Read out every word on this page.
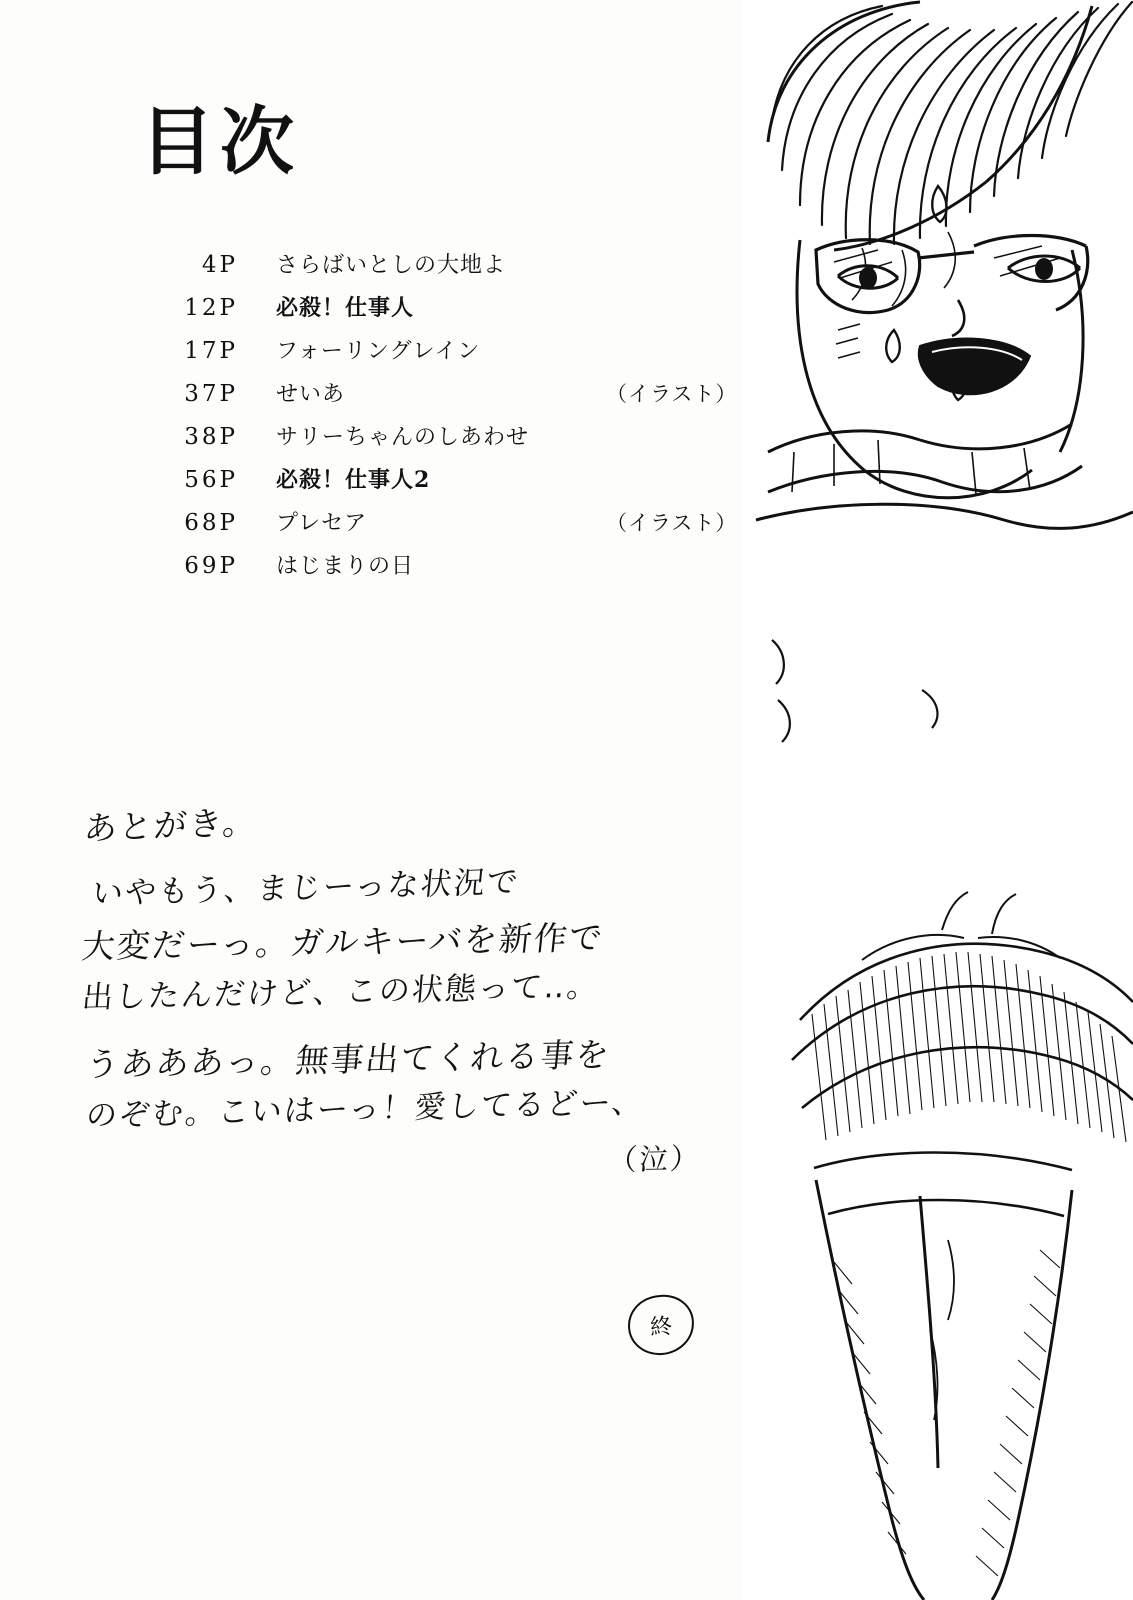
目次
4P さらばいとしの大地よ
12P 必殺！仕事人
17P フォーリングレイン
37P せいあ	（イラスト）
38P サリーちゃんのしあわせ
56P 必殺！仕事人2
68P プレセア	（イラスト）
69P はじまりの日
あとがき。
いやもう、まじーっな状況で
大変だーっ。ガルキーバを新作で
出したんだけど、この状態って‥。
うあああっ。無事出てくれる事を
のぞむ。こいはーっ！愛してるどー、
（泣）
終
